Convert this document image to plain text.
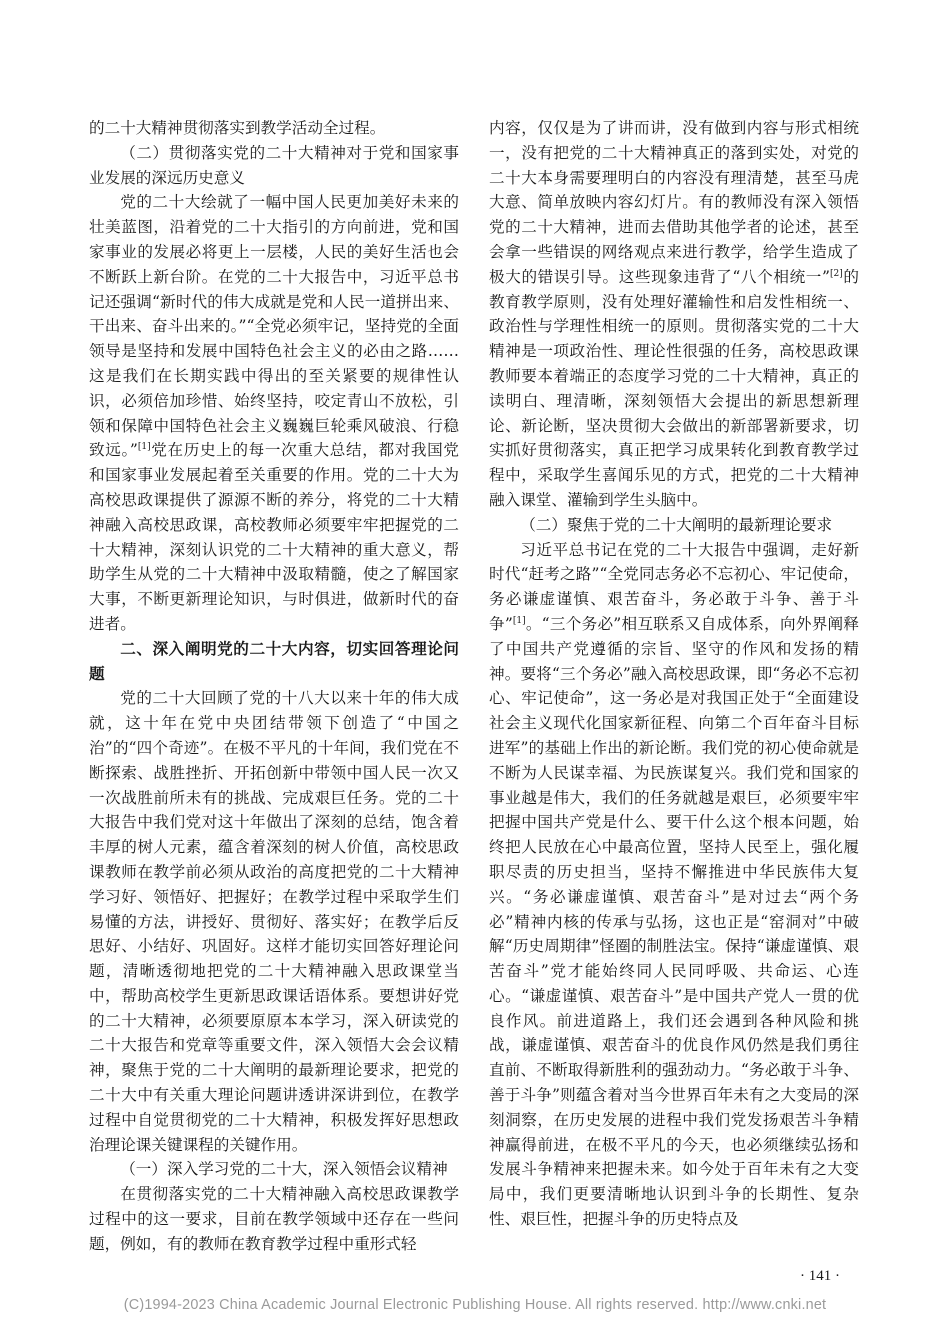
的二十大精神贯彻落实到教学活动全过程。

（二）贯彻落实党的二十大精神对于党和国家事业发展的深远历史意义

党的二十大绘就了一幅中国人民更加美好未来的壮美蓝图，沿着党的二十大指引的方向前进，党和国家事业的发展必将更上一层楼，人民的美好生活也会不断跃上新台阶。在党的二十大报告中，习近平总书记还强调“新时代的伟大成就是党和人民一道拼出来、干出来、奋斗出来的。”“全党必须牢记，坚持党的全面领导是坚持和发展中国特色社会主义的必由之路……这是我们在长期实践中得出的至关紧要的规律性认识，必须倍加珍惜、始终坚持，咬定青山不放松，引领和保障中国特色社会主义巍巍巨轮乘风破浪、行稳致远。”[1]党在历史上的每一次重大总结，都对我国党和国家事业发展起着至关重要的作用。党的二十大为高校思政课提供了源源不断的养分，将党的二十大精神融入高校思政课，高校教师必须要牢牢把握党的二十大精神，深刻认识党的二十大精神的重大意义，帮助学生从党的二十大精神中汲取精髓，使之了解国家大事，不断更新理论知识，与时俱进，做新时代的奋进者。

二、深入阐明党的二十大内容，切实回答理论问题

党的二十大回顾了党的十八大以来十年的伟大成就，这十年在党中央团结带领下创造了“中国之治”的“四个奇迹”。在极不平凡的十年间，我们党在不断探索、战胜挫折、开拓创新中带领中国人民一次又一次战胜前所未有的挑战、完成艰巨任务。党的二十大报告中我们党对这十年做出了深刻的总结，饱含着丰厚的树人元素，蕴含着深刻的树人价值，高校思政课教师在教学前必须从政治的高度把党的二十大精神学习好、领悟好、把握好；在教学过程中采取学生们易懂的方法，讲授好、贯彻好、落实好；在教学后反思好、小结好、巩固好。这样才能切实回答好理论问题，清晰透彻地把党的二十大精神融入思政课堂当中，帮助高校学生更新思政课话语体系。要想讲好党的二十大精神，必须要原原本本学习，深入研读党的二十大报告和党章等重要文件，深入领悟大会会议精神，聚焦于党的二十大阐明的最新理论要求，把党的二十大中有关重大理论问题讲透讲深讲到位，在教学过程中自觉贯彻党的二十大精神，积极发挥好思想政治理论课关键课程的关键作用。

（一）深入学习党的二十大，深入领悟会议精神

在贯彻落实党的二十大精神融入高校思政课教学过程中的这一要求，目前在教学领域中还存在一些问题，例如，有的教师在教育教学过程中重形式轻

内容，仅仅是为了讲而讲，没有做到内容与形式相统一，没有把党的二十大精神真正的落到实处，对党的二十大本身需要理明白的内容没有理清楚，甚至马虎大意、简单放映内容幻灯片。有的教师没有深入领悟党的二十大精神，进而去借助其他学者的论述，甚至会拿一些错误的网络观点来进行教学，给学生造成了极大的错误引导。这些现象违背了“八个相统一”[2]的教育教学原则，没有处理好灌输性和启发性相统一、政治性与学理性相统一的原则。贯彻落实党的二十大精神是一项政治性、理论性很强的任务，高校思政课教师要本着端正的态度学习党的二十大精神，真正的读明白、理清晰，深刻领悟大会提出的新思想新理论、新论断，坚决贯彻大会做出的新部署新要求，切实抓好贯彻落实，真正把学习成果转化到教育教学过程中，采取学生喜闻乐见的方式，把党的二十大精神融入课堂、灌输到学生头脑中。

（二）聚焦于党的二十大阐明的最新理论要求

习近平总书记在党的二十大报告中强调，走好新时代“赶考之路”“全党同志务必不忘初心、牢记使命，务必谦虚谨慎、艰苦奋斗，务必敢于斗争、善于斗争”[1]。“三个务必”相互联系又自成体系，向外界阐释了中国共产党遵循的宗旨、坚守的作风和发扬的精神。要将“三个务必”融入高校思政课，即“务必不忘初心、牢记使命”，这一务必是对我国正处于“全面建设社会主义现代化国家新征程、向第二个百年奋斗目标进军”的基础上作出的新论断。我们党的初心使命就是不断为人民谋幸福、为民族谋复兴。我们党和国家的事业越是伟大，我们的任务就越是艰巨，必须要牢牢把握中国共产党是什么、要干什么这个根本问题，始终把人民放在心中最高位置，坚持人民至上，强化履职尽责的历史担当，坚持不懈推进中华民族伟大复兴。“务必谦虚谨慎、艰苦奋斗”是对过去“两个务必”精神内核的传承与弘扬，这也正是“窑洞对”中破解“历史周期律”怪圈的制胜法宝。保持“谦虚谨慎、艰苦奋斗”党才能始终同人民同呼吸、共命运、心连心。“谦虚谨慎、艰苦奋斗”是中国共产党人一贯的优良作风。前进道路上，我们还会遇到各种风险和挑战，谦虚谨慎、艰苦奋斗的优良作风仍然是我们勇往直前、不断取得新胜利的强劲动力。“务必敢于斗争、善于斗争”则蕴含着对当今世界百年未有之大变局的深刻洞察，在历史发展的进程中我们党发扬艰苦斗争精神赢得前进，在极不平凡的今天，也必须继续弘扬和发展斗争精神来把握未来。如今处于百年未有之大变局中，我们更要清晰地认识到斗争的长期性、复杂性、艰巨性，把握斗争的历史特点及

· 141 ·
(C)1994-2023 China Academic Journal Electronic Publishing House. All rights reserved. http://www.cnki.net
